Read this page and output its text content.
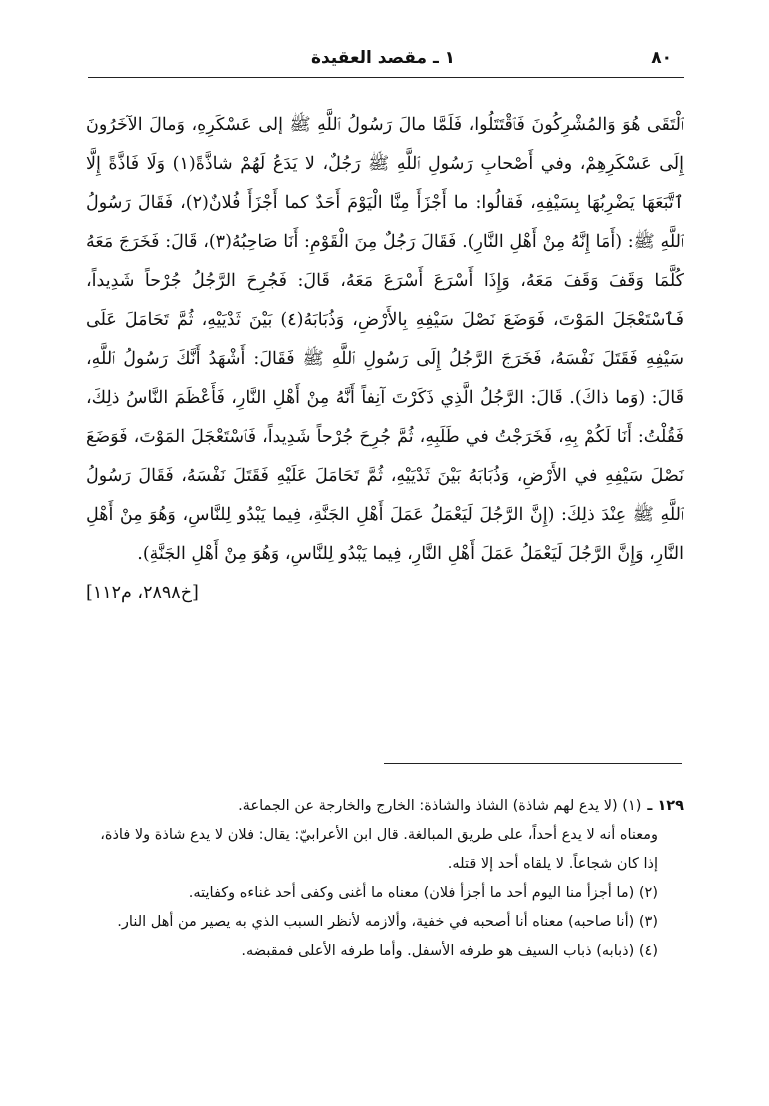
٨٠
١ ـ مقصد العقيدة

ٱلْتَقَى هُوَ وَالمُشْرِكُونَ فَٱقْتَتَلُوا، فَلَمَّا مالَ رَسُولُ ٱللَّهِ ﷺ إلى عَسْكَرِهِ، وَمالَ الآخَرُونَ إِلَى عَسْكَرِهِمْ، وفي أَصْحابِ رَسُولِ ٱللَّهِ ﷺ رَجُلٌ، لا يَدَعُ لَهُمْ شاذَّةً(١) وَلَا فَاذَّةً إِلَّا ٱتَّبَعَهَا يَضْرِبُهَا بِسَيْفِهِ، فَقالُوا: ما أَجْزَأَ مِنَّا الْيَوْمَ أَحَدٌ كما أَجْزَأَ فُلانٌ(٢)، فَقَالَ رَسُولُ ٱللَّهِ ﷺ: (أَمَا إِنَّهُ مِنْ أَهْلِ النَّارِ). فَقَالَ رَجُلٌ مِنَ الْقَوْمِ: أَنَا صَاحِبُهُ(٣)، قَالَ: فَخَرَجَ مَعَهُ كُلَّمَا وَقَفَ وَقَفَ مَعَهُ، وَإِذَا أَسْرَعَ أَسْرَعَ مَعَهُ، قَالَ: فَجُرِحَ الرَّجُلُ جُرْحاً شَدِيداً، فَٱسْتَعْجَلَ المَوْتَ، فَوَضَعَ نَصْلَ سَيْفِهِ بِالأَرْضِ، وَذُبَابَهُ(٤) بَيْنَ ثَدْيَيْهِ، ثُمَّ تَحَامَلَ عَلَى سَيْفِهِ فَقَتَلَ نَفْسَهُ، فَخَرَجَ الرَّجُلُ إِلَى رَسُولِ ٱللَّهِ ﷺ فَقَالَ: أَشْهَدُ أَنَّكَ رَسُولُ ٱللَّهِ، قَالَ: (وَما ذاكَ). قَالَ: الرَّجُلُ الَّذِي ذَكَرْتَ آنِفاً أَنَّهُ مِنْ أَهْلِ النَّارِ، فَأَعْظَمَ النَّاسُ ذلِكَ، فَقُلْتُ: أَنَا لَكُمْ بِهِ، فَخَرَجْتُ في طَلَبِهِ، ثُمَّ جُرِحَ جُرْحاً شَدِيداً، فَٱسْتَعْجَلَ المَوْتَ، فَوَضَعَ نَصْلَ سَيْفِهِ في الأَرْضِ، وَذُبَابَهُ بَيْنَ ثَدْيَيْهِ، ثُمَّ تَحَامَلَ عَلَيْهِ فَقَتَلَ نَفْسَهُ، فَقَالَ رَسُولُ ٱللَّهِ ﷺ عِنْدَ ذلِكَ: (إِنَّ الرَّجُلَ لَيَعْمَلُ عَمَلَ أَهْلِ الجَنَّةِ، فِيما يَبْدُو لِلنَّاسِ، وَهُوَ مِنْ أَهْلِ النَّارِ، وَإِنَّ الرَّجُلَ لَيَعْمَلُ عَمَلَ أَهْلِ النَّارِ، فِيما يَبْدُو لِلنَّاسِ، وَهُوَ مِنْ أَهْلِ الجَنَّةِ).

[خ٢٨٩٨، م١١٢]
١٢٩ ـ

(١) (لا يدع لهم شاذة) الشاذ والشاذة: الخارج والخارجة عن الجماعة.

ومعناه أنه لا يدع أحداً، على طريق المبالغة. قال ابن الأعرابيّ: يقال: فلان لا يدع شاذة ولا فاذة، إذا كان شجاعاً. لا يلقاه أحد إلا قتله.

(٢) (ما أجزأ منا اليوم أحد ما أجزأ فلان) معناه ما أغنى وكفى أحد غناءه وكفايته.

(٣) (أنا صاحبه) معناه أنا أصحبه في خفية، وألازمه لأنظر السبب الذي به يصير من أهل النار.

(٤) (ذبابه) ذباب السيف هو طرفه الأسفل. وأما طرفه الأعلى فمقبضه.
